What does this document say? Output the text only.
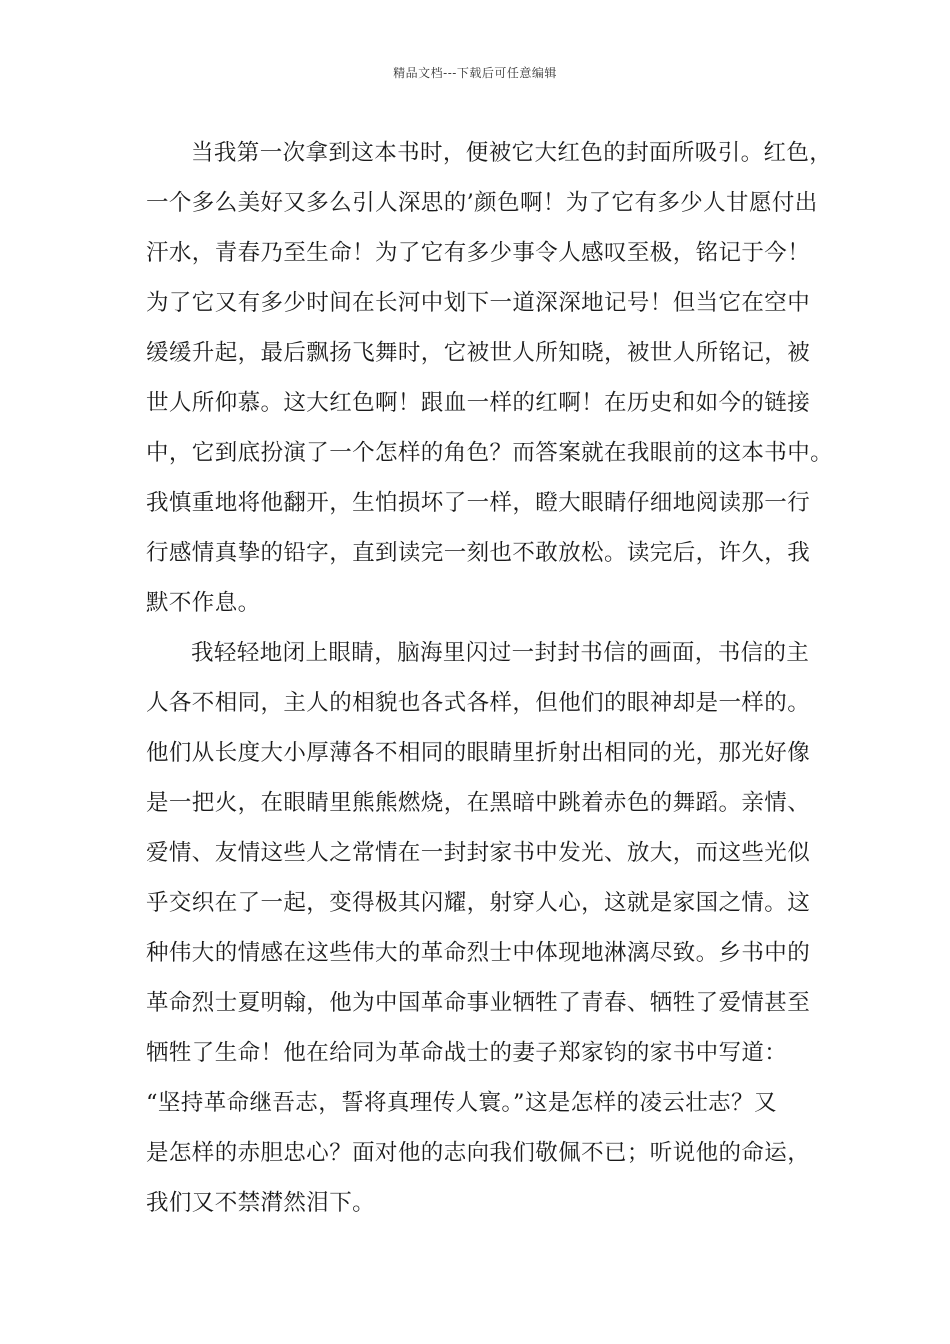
精品文档---下载后可任意编辑
当我第一次拿到这本书时，便被它大红色的封面所吸引。红色，
一个多么美好又多么引人深思的’颜色啊！为了它有多少人甘愿付出
汗水，青春乃至生命！为了它有多少事令人感叹至极，铭记于今！
为了它又有多少时间在长河中划下一道深深地记号！但当它在空中
缓缓升起，最后飘扬飞舞时，它被世人所知晓，被世人所铭记，被
世人所仰慕。这大红色啊！跟血一样的红啊！在历史和如今的链接
中，它到底扮演了一个怎样的角色？而答案就在我眼前的这本书中。
我慎重地将他翻开，生怕损坏了一样，瞪大眼睛仔细地阅读那一行
行感情真挚的铅字，直到读完一刻也不敢放松。读完后，许久，我
默不作息。
我轻轻地闭上眼睛，脑海里闪过一封封书信的画面，书信的主
人各不相同，主人的相貌也各式各样，但他们的眼神却是一样的。
他们从长度大小厚薄各不相同的眼睛里折射出相同的光，那光好像
是一把火，在眼睛里熊熊燃烧，在黑暗中跳着赤色的舞蹈。亲情、
爱情、友情这些人之常情在一封封家书中发光、放大，而这些光似
乎交织在了一起，变得极其闪耀，射穿人心，这就是家国之情。这
种伟大的情感在这些伟大的革命烈士中体现地淋漓尽致。乡书中的
革命烈士夏明翰，他为中国革命事业牺牲了青春、牺牲了爱情甚至
牺牲了生命！他在给同为革命战士的妻子郑家钧的家书中写道：
“坚持革命继吾志，誓将真理传人寰。”这是怎样的凌云壮志？又
是怎样的赤胆忠心？面对他的志向我们敬佩不已；听说他的命运，
我们又不禁潸然泪下。
